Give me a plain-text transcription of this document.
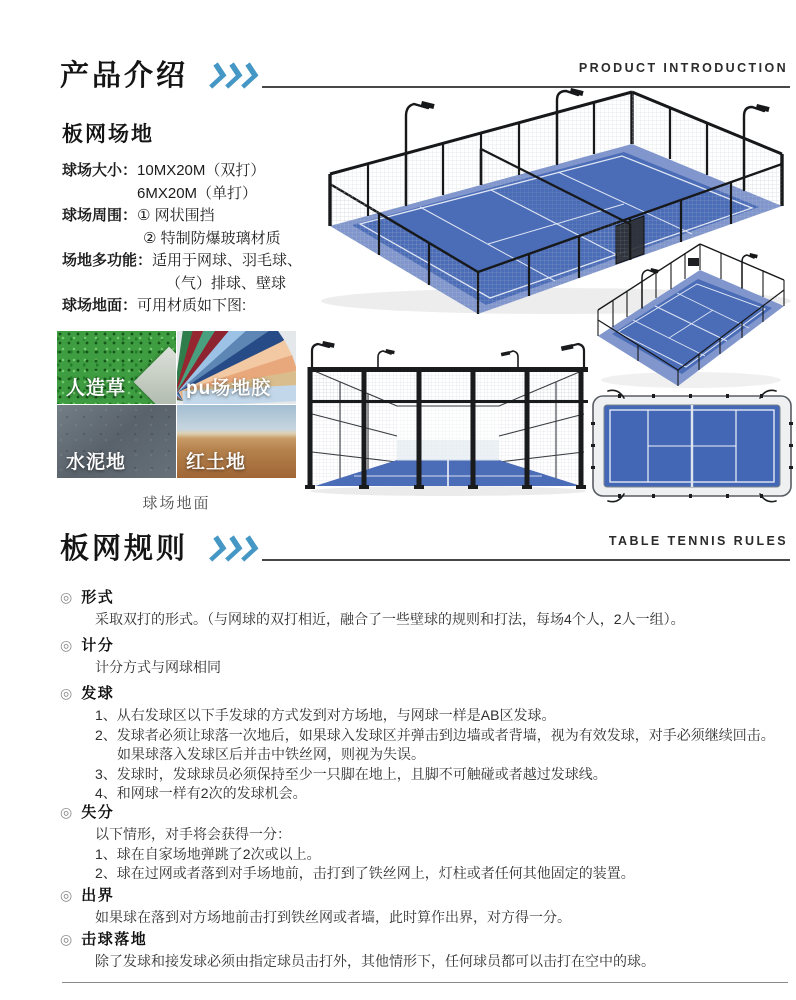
产品介绍	PRODUCT INTRODUCTION
板网场地
球场大小： 10MX20M（双打）
6MX20M（单打）
球场周围： ① 网状围挡
② 特制防爆玻璃材质
场地多功能： 适用于网球、羽毛球、
（气）排球、壁球
球场地面： 可用材质如下图:
人造草	pu场地胶
水泥地	红土地
球场地面
板网规则	TABLE TENNIS RULES
◎ 形式
采取双打的形式。（与网球的双打相近，融合了一些壁球的规则和打法，每场4个人，2人一组）。
◎ 计分
计分方式与网球相同
◎ 发球
1、从右发球区以下手发球的方式发到对方场地，与网球一样是AB区发球。
2、发球者必须让球落一次地后，如果球入发球区并弹击到边墙或者背墙，视为有效发球，对手必须继续回击。
如果球落入发球区后并击中铁丝网，则视为失误。
3、发球时，发球球员必须保持至少一只脚在地上，且脚不可触碰或者越过发球线。
4、和网球一样有2次的发球机会。
◎ 失分
以下情形，对手将会获得一分：
1、球在自家场地弹跳了2次或以上。
2、球在过网或者落到对手场地前，击打到了铁丝网上，灯柱或者任何其他固定的装置。
◎ 出界
如果球在落到对方场地前击打到铁丝网或者墙，此时算作出界，对方得一分。
◎ 击球落地
除了发球和接发球必须由指定球员击打外，其他情形下，任何球员都可以击打在空中的球。
